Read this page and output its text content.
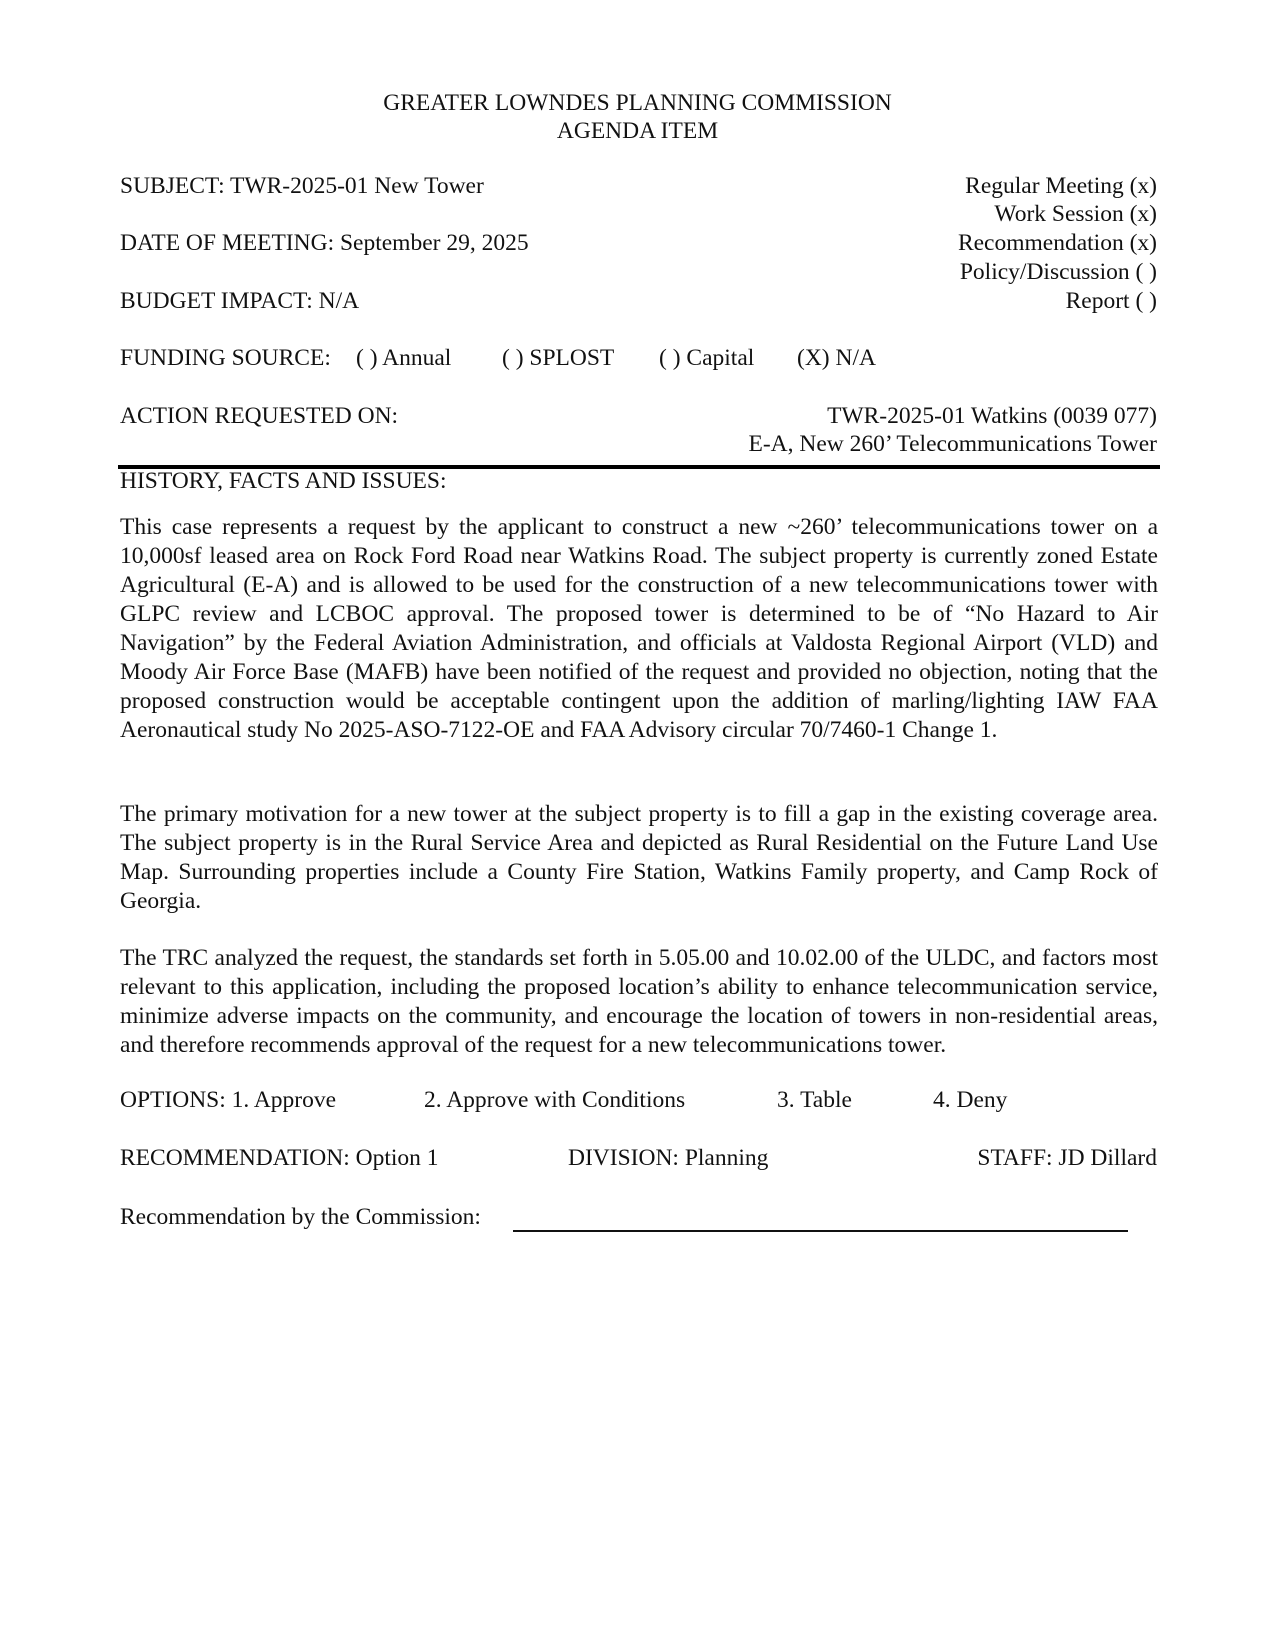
GREATER LOWNDES PLANNING COMMISSION
AGENDA ITEM
SUBJECT: TWR-2025-01 New Tower
DATE OF MEETING: September 29, 2025
BUDGET IMPACT: N/A
Regular Meeting (x)
Work Session (x)
Recommendation (x)
Policy/Discussion ( )
Report ( )
FUNDING SOURCE: ( ) Annual ( ) SPLOST ( ) Capital (X) N/A
ACTION REQUESTED ON:	TWR-2025-01 Watkins (0039 077)
E-A, New 260’ Telecommunications Tower
HISTORY, FACTS AND ISSUES:
This case represents a request by the applicant to construct a new ~260’ telecommunications tower on a 10,000sf leased area on Rock Ford Road near Watkins Road. The subject property is currently zoned Estate Agricultural (E-A) and is allowed to be used for the construction of a new telecommunications tower with GLPC review and LCBOC approval. The proposed tower is determined to be of “No Hazard to Air Navigation” by the Federal Aviation Administration, and officials at Valdosta Regional Airport (VLD) and Moody Air Force Base (MAFB) have been notified of the request and provided no objection, noting that the proposed construction would be acceptable contingent upon the addition of marling/lighting IAW FAA Aeronautical study No 2025-ASO-7122-OE and FAA Advisory circular 70/7460-1 Change 1.
The primary motivation for a new tower at the subject property is to fill a gap in the existing coverage area. The subject property is in the Rural Service Area and depicted as Rural Residential on the Future Land Use Map. Surrounding properties include a County Fire Station, Watkins Family property, and Camp Rock of Georgia.
The TRC analyzed the request, the standards set forth in 5.05.00 and 10.02.00 of the ULDC, and factors most relevant to this application, including the proposed location’s ability to enhance telecommunication service, minimize adverse impacts on the community, and encourage the location of towers in non-residential areas, and therefore recommends approval of the request for a new telecommunications tower.
OPTIONS: 1. Approve	2. Approve with Conditions	3. Table	4. Deny
RECOMMENDATION: Option 1	DIVISION: Planning	STAFF: JD Dillard
Recommendation by the Commission:
